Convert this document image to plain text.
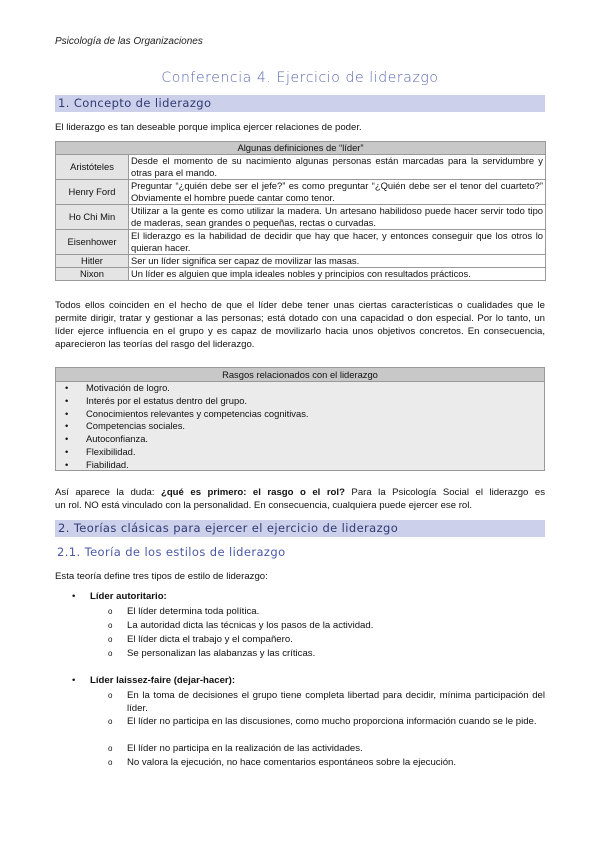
Psicología de las Organizaciones
Conferencia 4. Ejercicio de liderazgo
1. Concepto de liderazgo
El liderazgo es tan deseable porque implica ejercer relaciones de poder.
Algunas definiciones de “líder”	
Aristóteles	Desde el momento de su nacimiento algunas personas están marcadas para la servidumbre y otras para el mando.
Henry Ford	Preguntar “¿quién debe ser el jefe?” es como preguntar “¿Quién debe ser el tenor del cuarteto?” Obviamente el hombre puede cantar como tenor.
Ho Chi Min	Utilizar a la gente es como utilizar la madera. Un artesano habilidoso puede hacer servir todo tipo de maderas, sean grandes o pequeñas, rectas o curvadas.
Eisenhower	El liderazgo es la habilidad de decidir que hay que hacer, y entonces conseguir que los otros lo quieran hacer.
Hitler	Ser un líder significa ser capaz de movilizar las masas.
Nixon	Un líder es alguien que impla ideales nobles y principios con resultados prácticos.
Todos ellos coinciden en el hecho de que el líder debe tener unas ciertas características o cualidades que le permite dirigir, tratar y gestionar a las personas; está dotado con una capacidad o don especial. Por lo tanto, un líder ejerce influencia en el grupo y es capaz de movilizarlo hacia unos objetivos concretos. En consecuencia, aparecieron las teorías del rasgo del liderazgo.
Rasgos relacionados con el liderazgo
• Motivación de logro.
• Interés por el estatus dentro del grupo.
• Conocimientos relevantes y competencias cognitivas.
• Competencias sociales.
• Autoconfianza.
• Flexibilidad.
• Fiabilidad.
Así aparece la duda: ¿qué es primero: el rasgo o el rol? Para la Psicología Social el liderazgo es
un rol. NO está vinculado con la personalidad. En consecuencia, cualquiera puede ejercer ese rol.
2. Teorías clásicas para ejercer el ejercicio de liderazgo
2.1. Teoría de los estilos de liderazgo
Esta teoría define tres tipos de estilo de liderazgo:
• Líder autoritario:
o El líder determina toda política.
o La autoridad dicta las técnicas y los pasos de la actividad.
o El líder dicta el trabajo y el compañero.
o Se personalizan las alabanzas y las críticas.
• Líder laissez-faire (dejar-hacer):
o En la toma de decisiones el grupo tiene completa libertad para decidir, mínima participación del líder.
o El líder no participa en las discusiones, como mucho proporciona información cuando se le pide.
o El líder no participa en la realización de las actividades.
o No valora la ejecución, no hace comentarios espontáneos sobre la ejecución.
